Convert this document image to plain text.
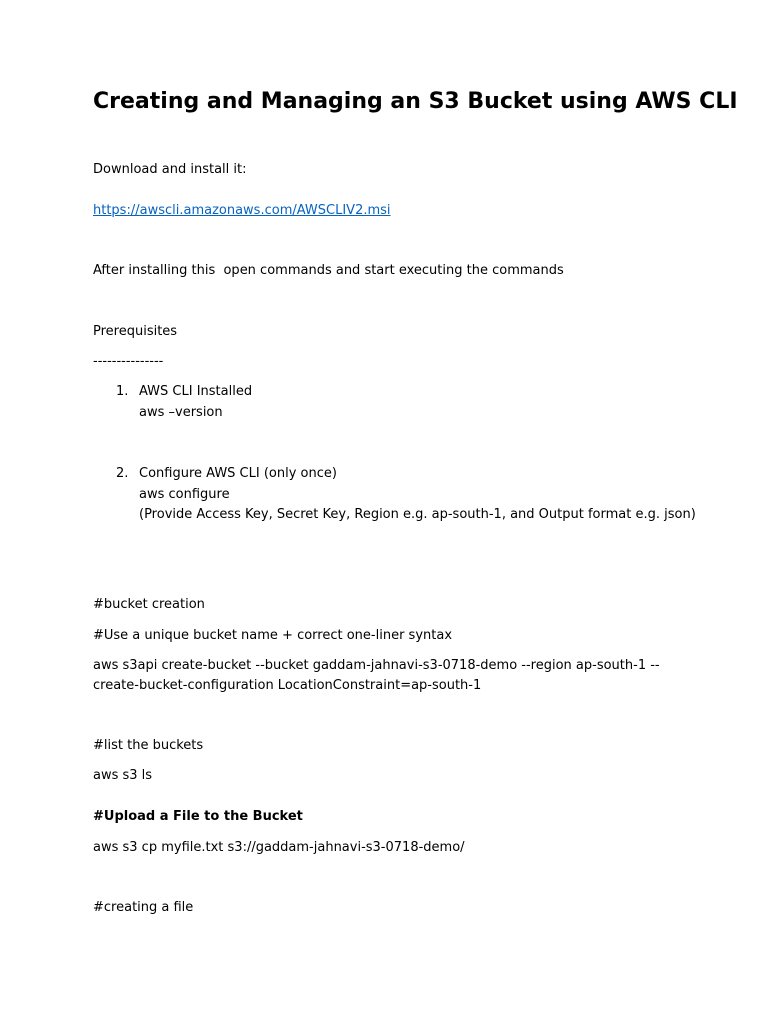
Creating and Managing an S3 Bucket using AWS CLI

Download and install it:

https://awscli.amazonaws.com/AWSCLIV2.msi

After installing this  open commands and start executing the commands

Prerequisites

---------------

1. AWS CLI Installed

aws –version

2. Configure AWS CLI (only once)

aws configure

(Provide Access Key, Secret Key, Region e.g. ap-south-1, and Output format e.g. json)

#bucket creation

#Use a unique bucket name + correct one-liner syntax

aws s3api create-bucket --bucket gaddam-jahnavi-s3-0718-demo --region ap-south-1 --

create-bucket-configuration LocationConstraint=ap-south-1

#list the buckets

aws s3 ls

#Upload a File to the Bucket

aws s3 cp myfile.txt s3://gaddam-jahnavi-s3-0718-demo/

#creating a file
